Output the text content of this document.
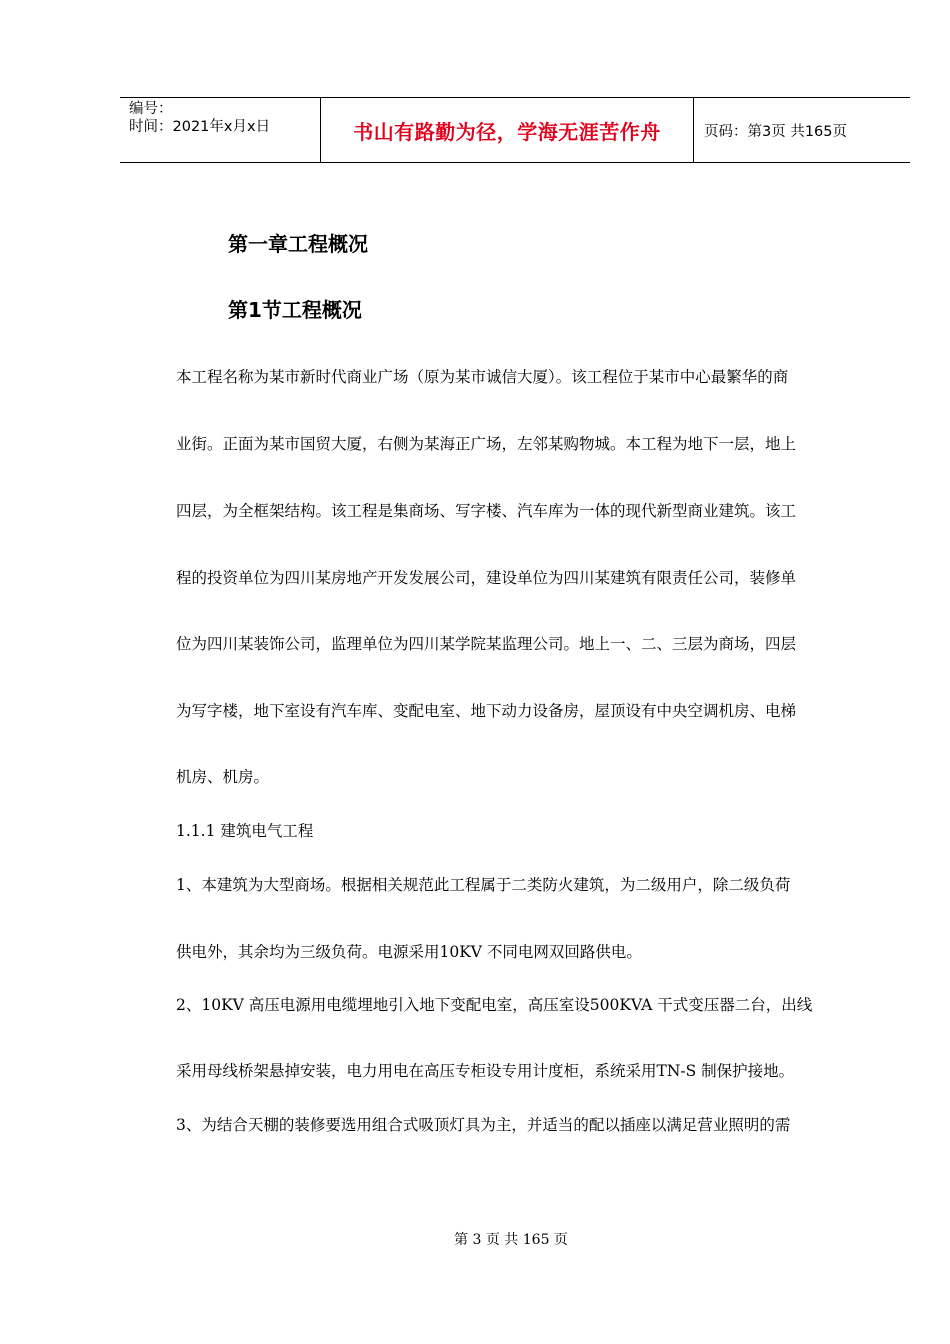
编号：
时间：2021年x月x日	书山有路勤为径，学海无涯苦作舟	页码：第3页 共165页
第一章工程概况
第1节工程概况
本工程名称为某市新时代商业广场（原为某市诚信大厦）。该工程位于某市中心最繁华的商
业街。正面为某市国贸大厦，右侧为某海正广场，左邻某购物城。本工程为地下一层，地上
四层，为全框架结构。该工程是集商场、写字楼、汽车库为一体的现代新型商业建筑。该工
程的投资单位为四川某房地产开发发展公司，建设单位为四川某建筑有限责任公司，装修单
位为四川某装饰公司，监理单位为四川某学院某监理公司。地上一、二、三层为商场，四层
为写字楼，地下室设有汽车库、变配电室、地下动力设备房，屋顶设有中央空调机房、电梯
机房、机房。
1.1.1 建筑电气工程
1、本建筑为大型商场。根据相关规范此工程属于二类防火建筑，为二级用户，除二级负荷
供电外，其余均为三级负荷。电源采用10KV 不同电网双回路供电。
2、10KV 高压电源用电缆埋地引入地下变配电室，高压室设500KVA 干式变压器二台，出线
采用母线桥架悬掉安装，电力用电在高压专柜设专用计度柜，系统采用TN-S 制保护接地。
3、为结合天棚的装修要选用组合式吸顶灯具为主，并适当的配以插座以满足营业照明的需
第 3 页 共 165 页
